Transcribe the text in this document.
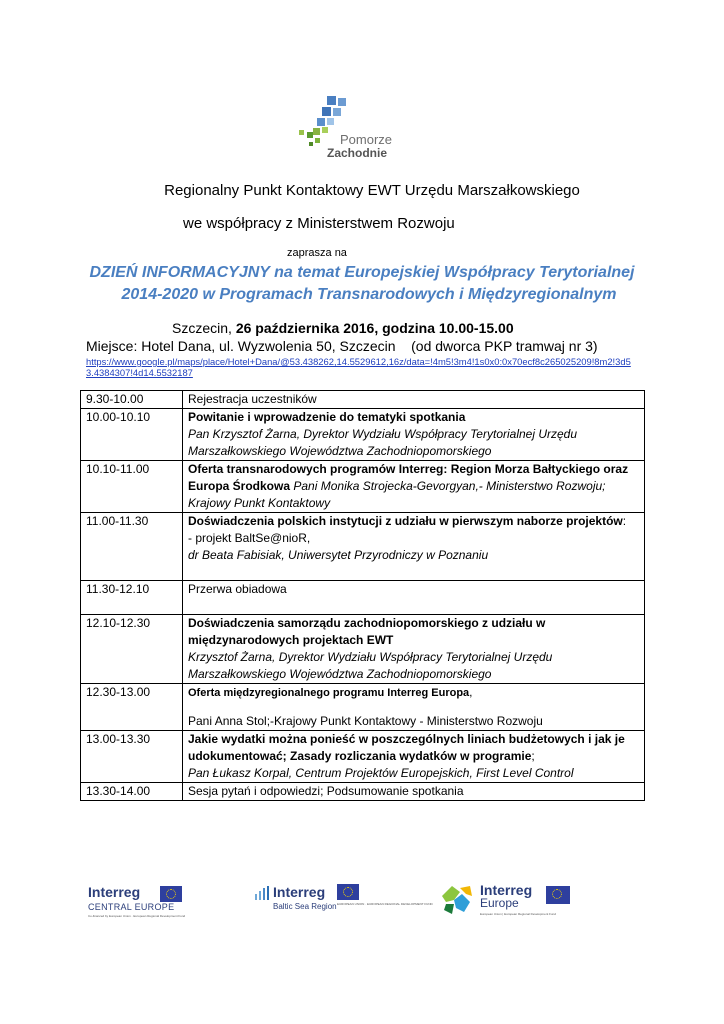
Pomorze
Zachodnie
Regionalny Punkt Kontaktowy EWT Urzędu Marszałkowskiego
we współpracy z Ministerstwem Rozwoju
zaprasza na
DZIEŃ INFORMACYJNY na temat Europejskiej Współpracy Terytorialnej
2014-2020 w Programach Transnarodowych i Międzyregionalnym
Szczecin, 26 października 2016, godzina 10.00-15.00
Miejsce: Hotel Dana, ul. Wyzwolenia 50, Szczecin    (od dworca PKP tramwaj nr 3)
https://www.google.pl/maps/place/Hotel+Dana/@53.438262,14.5529612,16z/data=!4m5!3m4!1s0x0:0x70ecf8c265025209!8m2!3d53.4384307!4d14.5532187
9.30-10.00	Rejestracja uczestników

10.00-10.10	Powitanie i wprowadzenie do tematyki spotkania
Pan Krzysztof Żarna, Dyrektor Wydziału Współpracy Terytorialnej Urzędu Marszałkowskiego Województwa Zachodniopomorskiego

10.10-11.00	Oferta transnarodowych programów Interreg: Region Morza Bałtyckiego oraz Europa Środkowa Pani Monika Strojecka-Gevorgyan,- Ministerstwo Rozwoju; Krajowy Punkt Kontaktowy

11.00-11.30	Doświadczenia polskich instytucji z udziału w pierwszym naborze projektów:
- projekt BaltSe@nioR,
dr Beata Fabisiak, Uniwersytet Przyrodniczy w Poznaniu

11.30-12.10	Przerwa obiadowa

12.10-12.30	Doświadczenia samorządu zachodniopomorskiego z udziału w międzynarodowych projektach EWT
Krzysztof Żarna, Dyrektor Wydziału Współpracy Terytorialnej Urzędu Marszałkowskiego Województwa Zachodniopomorskiego

12.30-13.00	Oferta międzyregionalnego programu Interreg Europa,
Pani Anna Stol;-Krajowy Punkt Kontaktowy - Ministerstwo Rozwoju

13.00-13.30	Jakie wydatki można ponieść w poszczególnych liniach budżetowych i jak je udokumentować; Zasady rozliczania wydatków w programie;
Pan Łukasz Korpal, Centrum Projektów Europejskich, First Level Control

13.30-14.00	Sesja pytań i odpowiedzi; Podsumowanie spotkania
Interreg
CENTRAL EUROPE
Co-financed by European Union · European Regional Development Fund
Interreg
Baltic Sea Region EUROPEAN UNION · EUROPEAN REGIONAL DEVELOPMENT FUND
Interreg
Europe
European Union | European Regional Development Fund
